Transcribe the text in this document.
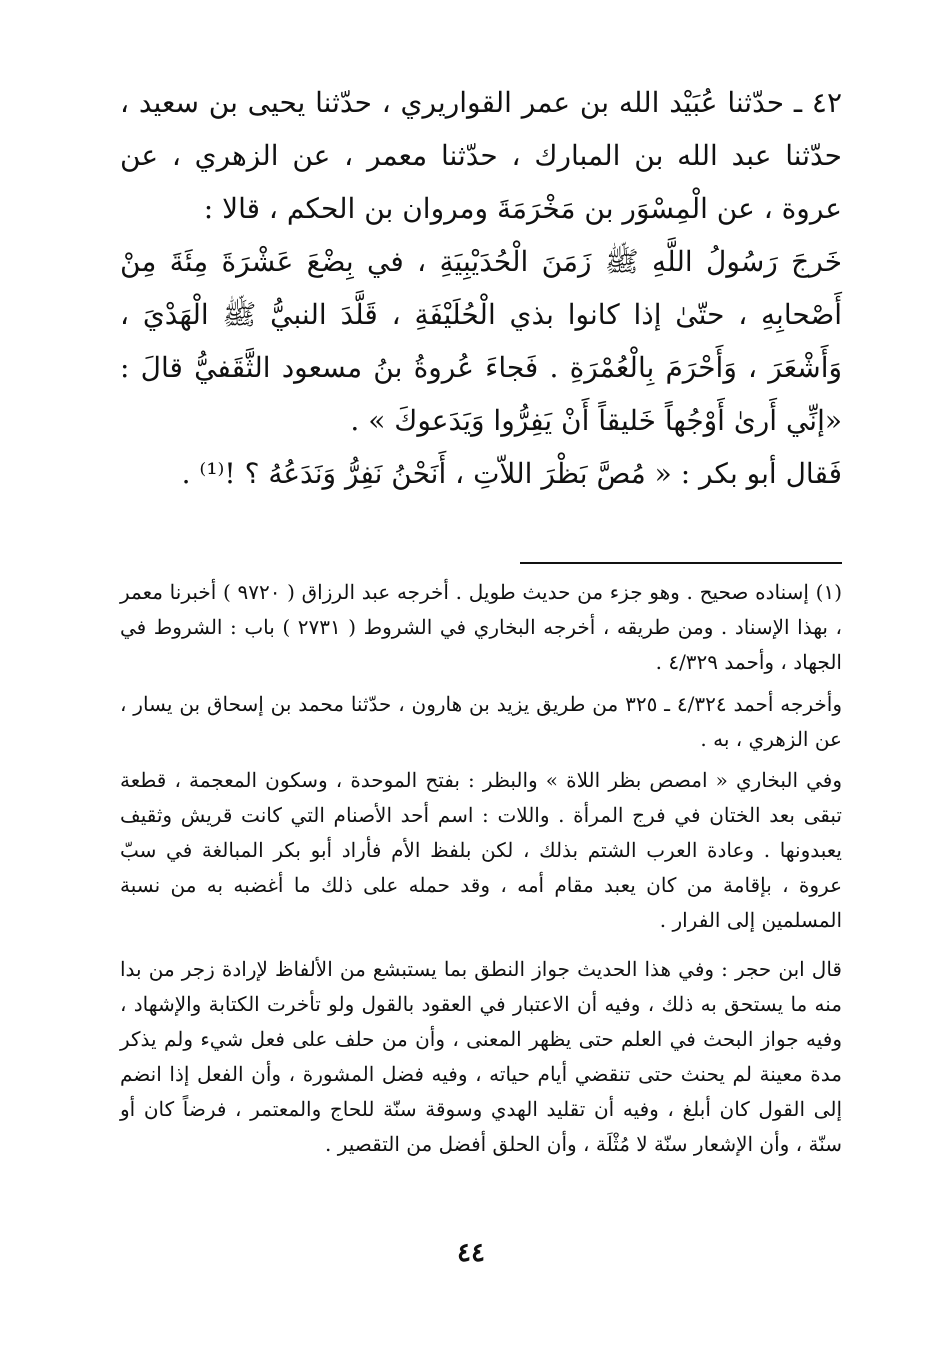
٤٢ ـ حدّثنا عُبَيْد الله بن عمر القواريري ، حدّثنا يحيى بن سعيد ، حدّثنا عبد الله بن المبارك ، حدّثنا معمر ، عن الزهري ، عن عروة ، عن الْمِسْوَر بن مَخْرَمَةَ ومروان بن الحكم ، قالا :

خَرجَ رَسُولُ اللَّهِ ﷺ زَمَنَ الْحُدَيْبِيَةِ ، في بِضْعَ عَشْرَةَ مِئَةَ مِنْ أَصْحابِهِ ، حتّىٰ إذا كانوا بذي الْحُلَيْفَةِ ، قَلَّدَ النبيُّ ﷺ الْهَدْيَ ، وَأَشْعَرَ ، وَأَحْرَمَ بِالْعُمْرَةِ . فَجاءَ عُروةُ بنُ مسعود الثَّقَفيُّ قالَ : «إنِّي أَرىٰ أَوْجُهاً خَليقاً أَنْ يَفِرُّوا وَيَدَعوكَ » .

فَقال أبو بكر : « مُصَّ بَظْرَ اللاّتِ ، أَنَحْنُ نَفِرُّ وَنَدَعُهُ ؟ !⁽¹⁾ .

(١) إسناده صحيح . وهو جزء من حديث طويل . أخرجه عبد الرزاق ( ٩٧٢٠ ) أخبرنا معمر ، بهذا الإسناد . ومن طريقه ، أخرجه البخاري في الشروط ( ٢٧٣١ ) باب : الشروط في الجهاد ، وأحمد ٤/٣٢٩ .

وأخرجه أحمد ٤/٣٢٤ ـ ٣٢٥ من طريق يزيد بن هارون ، حدّثنا محمد بن إسحاق بن يسار ، عن الزهري ، به .

وفي البخاري « امصص بظر اللاة » والبظر : بفتح الموحدة ، وسكون المعجمة ، قطعة تبقى بعد الختان في فرج المرأة . واللات : اسم أحد الأصنام التي كانت قريش وثقيف يعبدونها . وعادة العرب الشتم بذلك ، لكن بلفظ الأم فأراد أبو بكر المبالغة في سبّ عروة ، بإقامة من كان يعبد مقام أمه ، وقد حمله على ذلك ما أغضبه به من نسبة المسلمين إلى الفرار .

قال ابن حجر : وفي هذا الحديث جواز النطق بما يستبشع من الألفاظ لإرادة زجر من بدا منه ما يستحق به ذلك ، وفيه أن الاعتبار في العقود بالقول ولو تأخرت الكتابة والإشهاد ، وفيه جواز البحث في العلم حتى يظهر المعنى ، وأن من حلف على فعل شيء ولم يذكر مدة معينة لم يحنث حتى تنقضي أيام حياته ، وفيه فضل المشورة ، وأن الفعل إذا انضم إلى القول كان أبلغ ، وفيه أن تقليد الهدي وسوقة سنّة للحاج والمعتمر ، فرضاً كان أو سنّة ، وأن الإشعار سنّة لا مُثْلَة ، وأن الحلق أفضل من التقصير .

٤٤
